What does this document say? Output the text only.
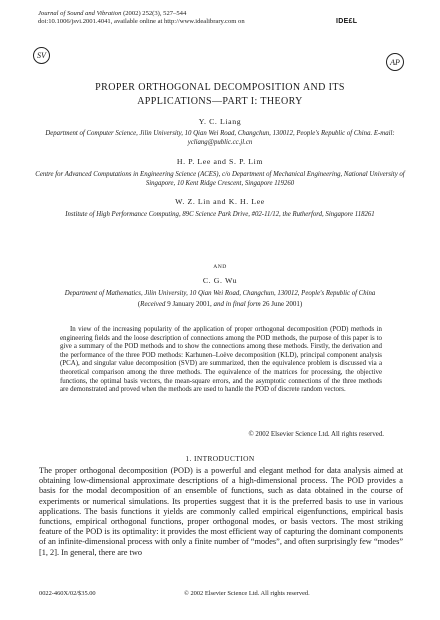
Journal of Sound and Vibration (2002) 252(3), 527–544
doi:10.1006/jsvi.2001.4041, available online at http://www.idealibrary.com on	IDE£L
SV
AP
PROPER ORTHOGONAL DECOMPOSITION AND ITS
APPLICATIONS—PART I: THEORY
Y. C. Liang
Department of Computer Science, Jilin University, 10 Qian Wei Road, Changchun, 130012, People's Republic of China. E-mail: ycliang@public.cc.jl.cn
H. P. Lee and S. P. Lim
Centre for Advanced Computations in Engineering Science (ACES), c/o Department of Mechanical Engineering, National University of Singapore, 10 Kent Ridge Crescent, Singapore 119260
W. Z. Lin and K. H. Lee
Institute of High Performance Computing, 89C Science Park Drive, #02-11/12, the Rutherford, Singapore 118261
AND
C. G. Wu
Department of Mathematics, Jilin University, 10 Qian Wei Road, Changchun, 130012, People's Republic of China
(Received 9 January 2001, and in final form 26 June 2001)
In view of the increasing popularity of the application of proper orthogonal decomposition (POD) methods in engineering fields and the loose description of connections among the POD methods, the purpose of this paper is to give a summary of the POD methods and to show the connections among these methods. Firstly, the derivation and the performance of the three POD methods: Karhunen–Loève decomposition (KLD), principal component analysis (PCA), and singular value decomposition (SVD) are summarized, then the equivalence problem is discussed via a theoretical comparison among the three methods. The equivalence of the matrices for processing, the objective functions, the optimal basis vectors, the mean-square errors, and the asymptotic connections of the three methods are demonstrated and proved when the methods are used to handle the POD of discrete random vectors.
© 2002 Elsevier Science Ltd. All rights reserved.
1. INTRODUCTION
The proper orthogonal decomposition (POD) is a powerful and elegant method for data analysis aimed at obtaining low-dimensional approximate descriptions of a high-dimensional process. The POD provides a basis for the modal decomposition of an ensemble of functions, such as data obtained in the course of experiments or numerical simulations. Its properties suggest that it is the preferred basis to use in various applications. The basis functions it yields are commonly called empirical eigenfunctions, empirical basis functions, empirical orthogonal functions, proper orthogonal modes, or basis vectors. The most striking feature of the POD is its optimality: it provides the most efficient way of capturing the dominant components of an infinite-dimensional process with only a finite number of “modes”, and often surprisingly few “modes” [1, 2]. In general, there are two
0022-460X/02/$35.00	© 2002 Elsevier Science Ltd. All rights reserved.
